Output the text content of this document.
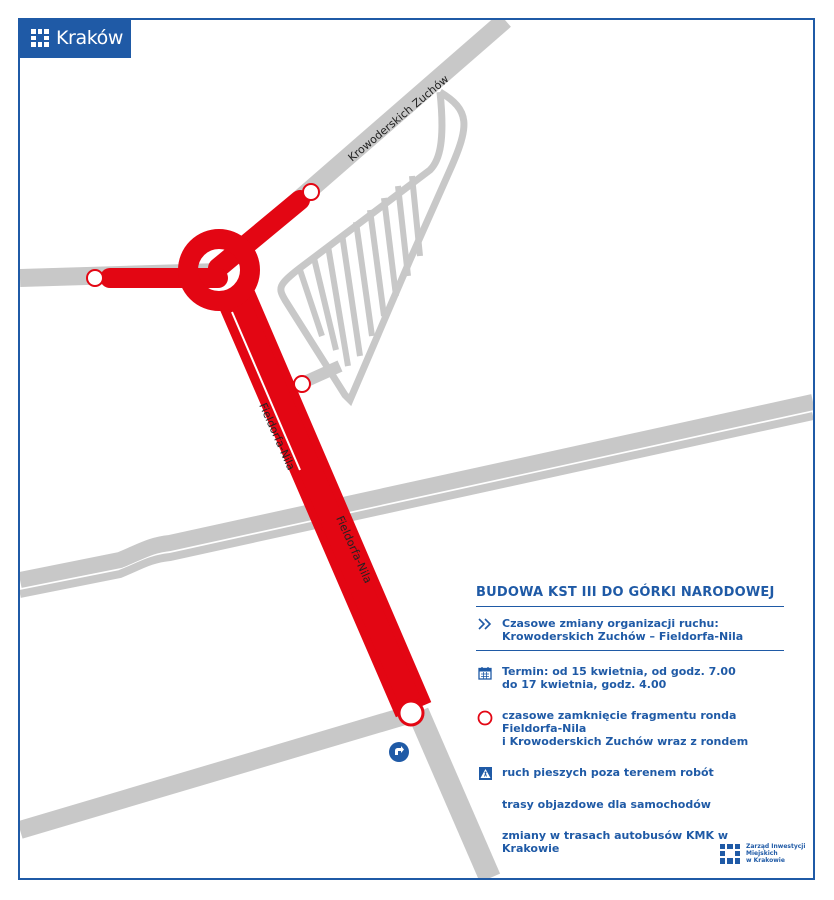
Krowoderskich Zuchów
Fieldorfa-Nila
Fieldorfa-Nila
Kraków
BUDOWA KST III DO GÓRKI NARODOWEJ
Czasowe zmiany organizacji ruchu:
Krowoderskich Zuchów – Fieldorfa-Nila
Termin: od 15 kwietnia, od godz. 7.00
do 17 kwietnia, godz. 4.00
czasowe zamknięcie fragmentu ronda Fieldorfa-Nila
i Krowoderskich Zuchów wraz z rondem
ruch pieszych poza terenem robót
trasy objazdowe dla samochodów
zmiany w trasach autobusów KMK w Krakowie	Zarząd Inwestycji
Miejskich
w Krakowie
